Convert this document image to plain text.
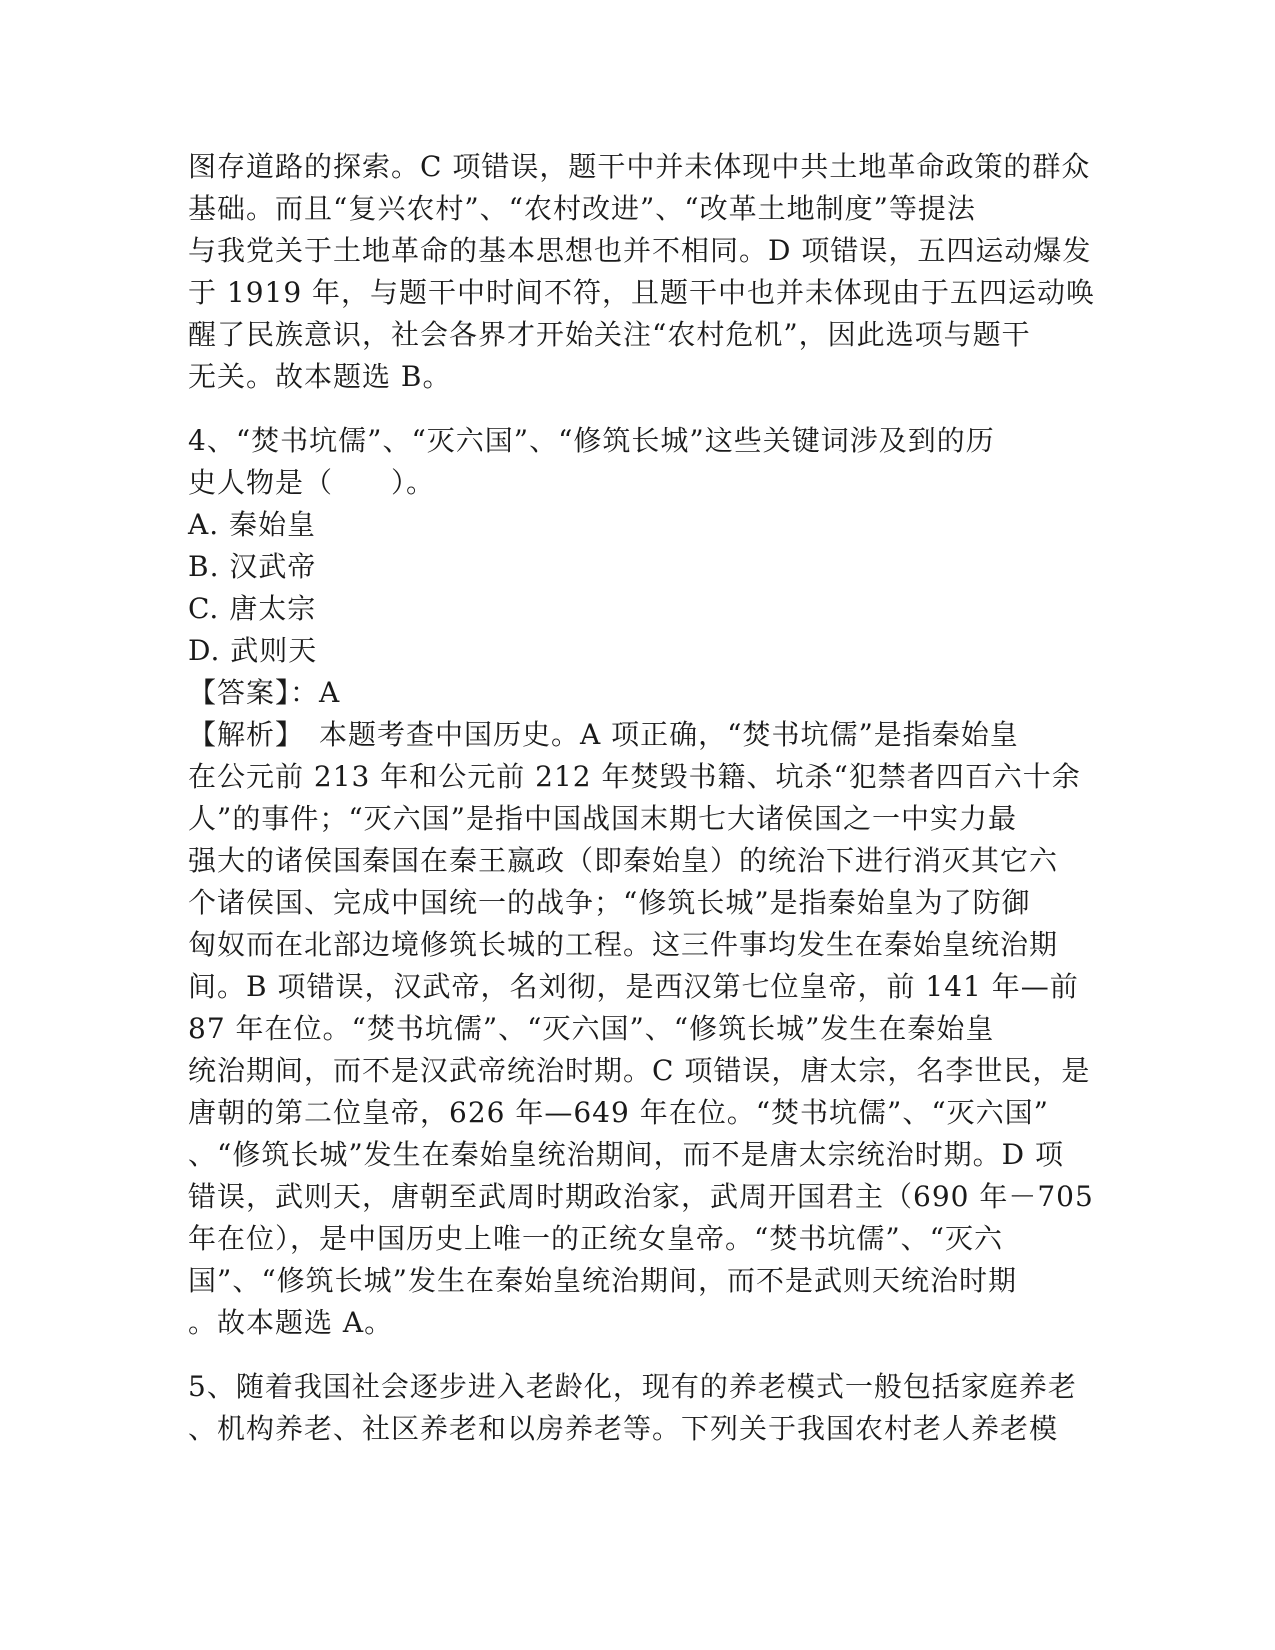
图存道路的探索。C 项错误，题干中并未体现中共土地革命政策的群众
基础。而且“复兴农村”、“农村改进”、“改革土地制度”等提法
与我党关于土地革命的基本思想也并不相同。D 项错误，五四运动爆发
于 1919 年，与题干中时间不符，且题干中也并未体现由于五四运动唤
醒了民族意识，社会各界才开始关注“农村危机”，因此选项与题干
无关。故本题选 B。
4、“焚书坑儒”、“灭六国”、“修筑长城”这些关键词涉及到的历
史人物是（　　）。
A. 秦始皇
B. 汉武帝
C. 唐太宗
D. 武则天
【答案】：A
【解析】　本题考查中国历史。A 项正确，“焚书坑儒”是指秦始皇
在公元前 213 年和公元前 212 年焚毁书籍、坑杀“犯禁者四百六十余
人”的事件；“灭六国”是指中国战国末期七大诸侯国之一中实力最
强大的诸侯国秦国在秦王嬴政（即秦始皇）的统治下进行消灭其它六
个诸侯国、完成中国统一的战争；“修筑长城”是指秦始皇为了防御
匈奴而在北部边境修筑长城的工程。这三件事均发生在秦始皇统治期
间。B 项错误，汉武帝，名刘彻，是西汉第七位皇帝，前 141 年—前
87 年在位。“焚书坑儒”、“灭六国”、“修筑长城”发生在秦始皇
统治期间，而不是汉武帝统治时期。C 项错误，唐太宗，名李世民，是
唐朝的第二位皇帝，626 年—649 年在位。“焚书坑儒”、“灭六国”
、“修筑长城”发生在秦始皇统治期间，而不是唐太宗统治时期。D 项
错误，武则天，唐朝至武周时期政治家，武周开国君主（690 年－705
年在位），是中国历史上唯一的正统女皇帝。“焚书坑儒”、“灭六
国”、“修筑长城”发生在秦始皇统治期间，而不是武则天统治时期
。故本题选 A。
5、随着我国社会逐步进入老龄化，现有的养老模式一般包括家庭养老
、机构养老、社区养老和以房养老等。下列关于我国农村老人养老模
